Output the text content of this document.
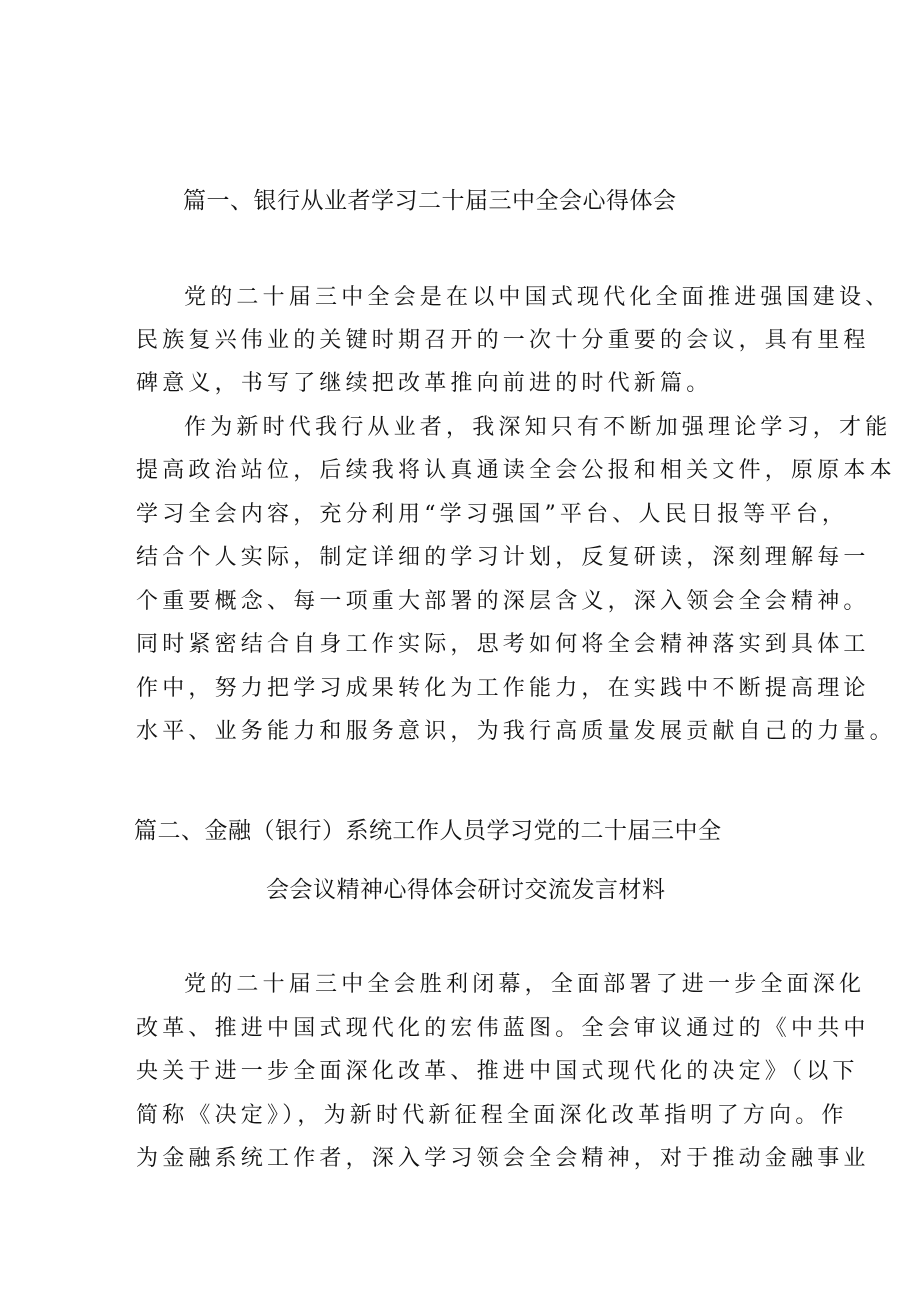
篇一、银行从业者学习二十届三中全会心得体会
党的二十届三中全会是在以中国式现代化全面推进强国建设、
民族复兴伟业的关键时期召开的一次十分重要的会议，具有里程
碑意义，书写了继续把改革推向前进的时代新篇。
作为新时代我行从业者，我深知只有不断加强理论学习，才能
提高政治站位，后续我将认真通读全会公报和相关文件，原原本本
学习全会内容，充分利用“学习强国”平台、人民日报等平台，
结合个人实际，制定详细的学习计划，反复研读，深刻理解每一
个重要概念、每一项重大部署的深层含义，深入领会全会精神。
同时紧密结合自身工作实际，思考如何将全会精神落实到具体工
作中，努力把学习成果转化为工作能力，在实践中不断提高理论
水平、业务能力和服务意识，为我行高质量发展贡献自己的力量。
篇二、金融（银行）系统工作人员学习党的二十届三中全
会会议精神心得体会研讨交流发言材料
党的二十届三中全会胜利闭幕，全面部署了进一步全面深化
改革、推进中国式现代化的宏伟蓝图。全会审议通过的《中共中
央关于进一步全面深化改革、推进中国式现代化的决定》（以下
简称《决定》），为新时代新征程全面深化改革指明了方向。作
为金融系统工作者，深入学习领会全会精神，对于推动金融事业
